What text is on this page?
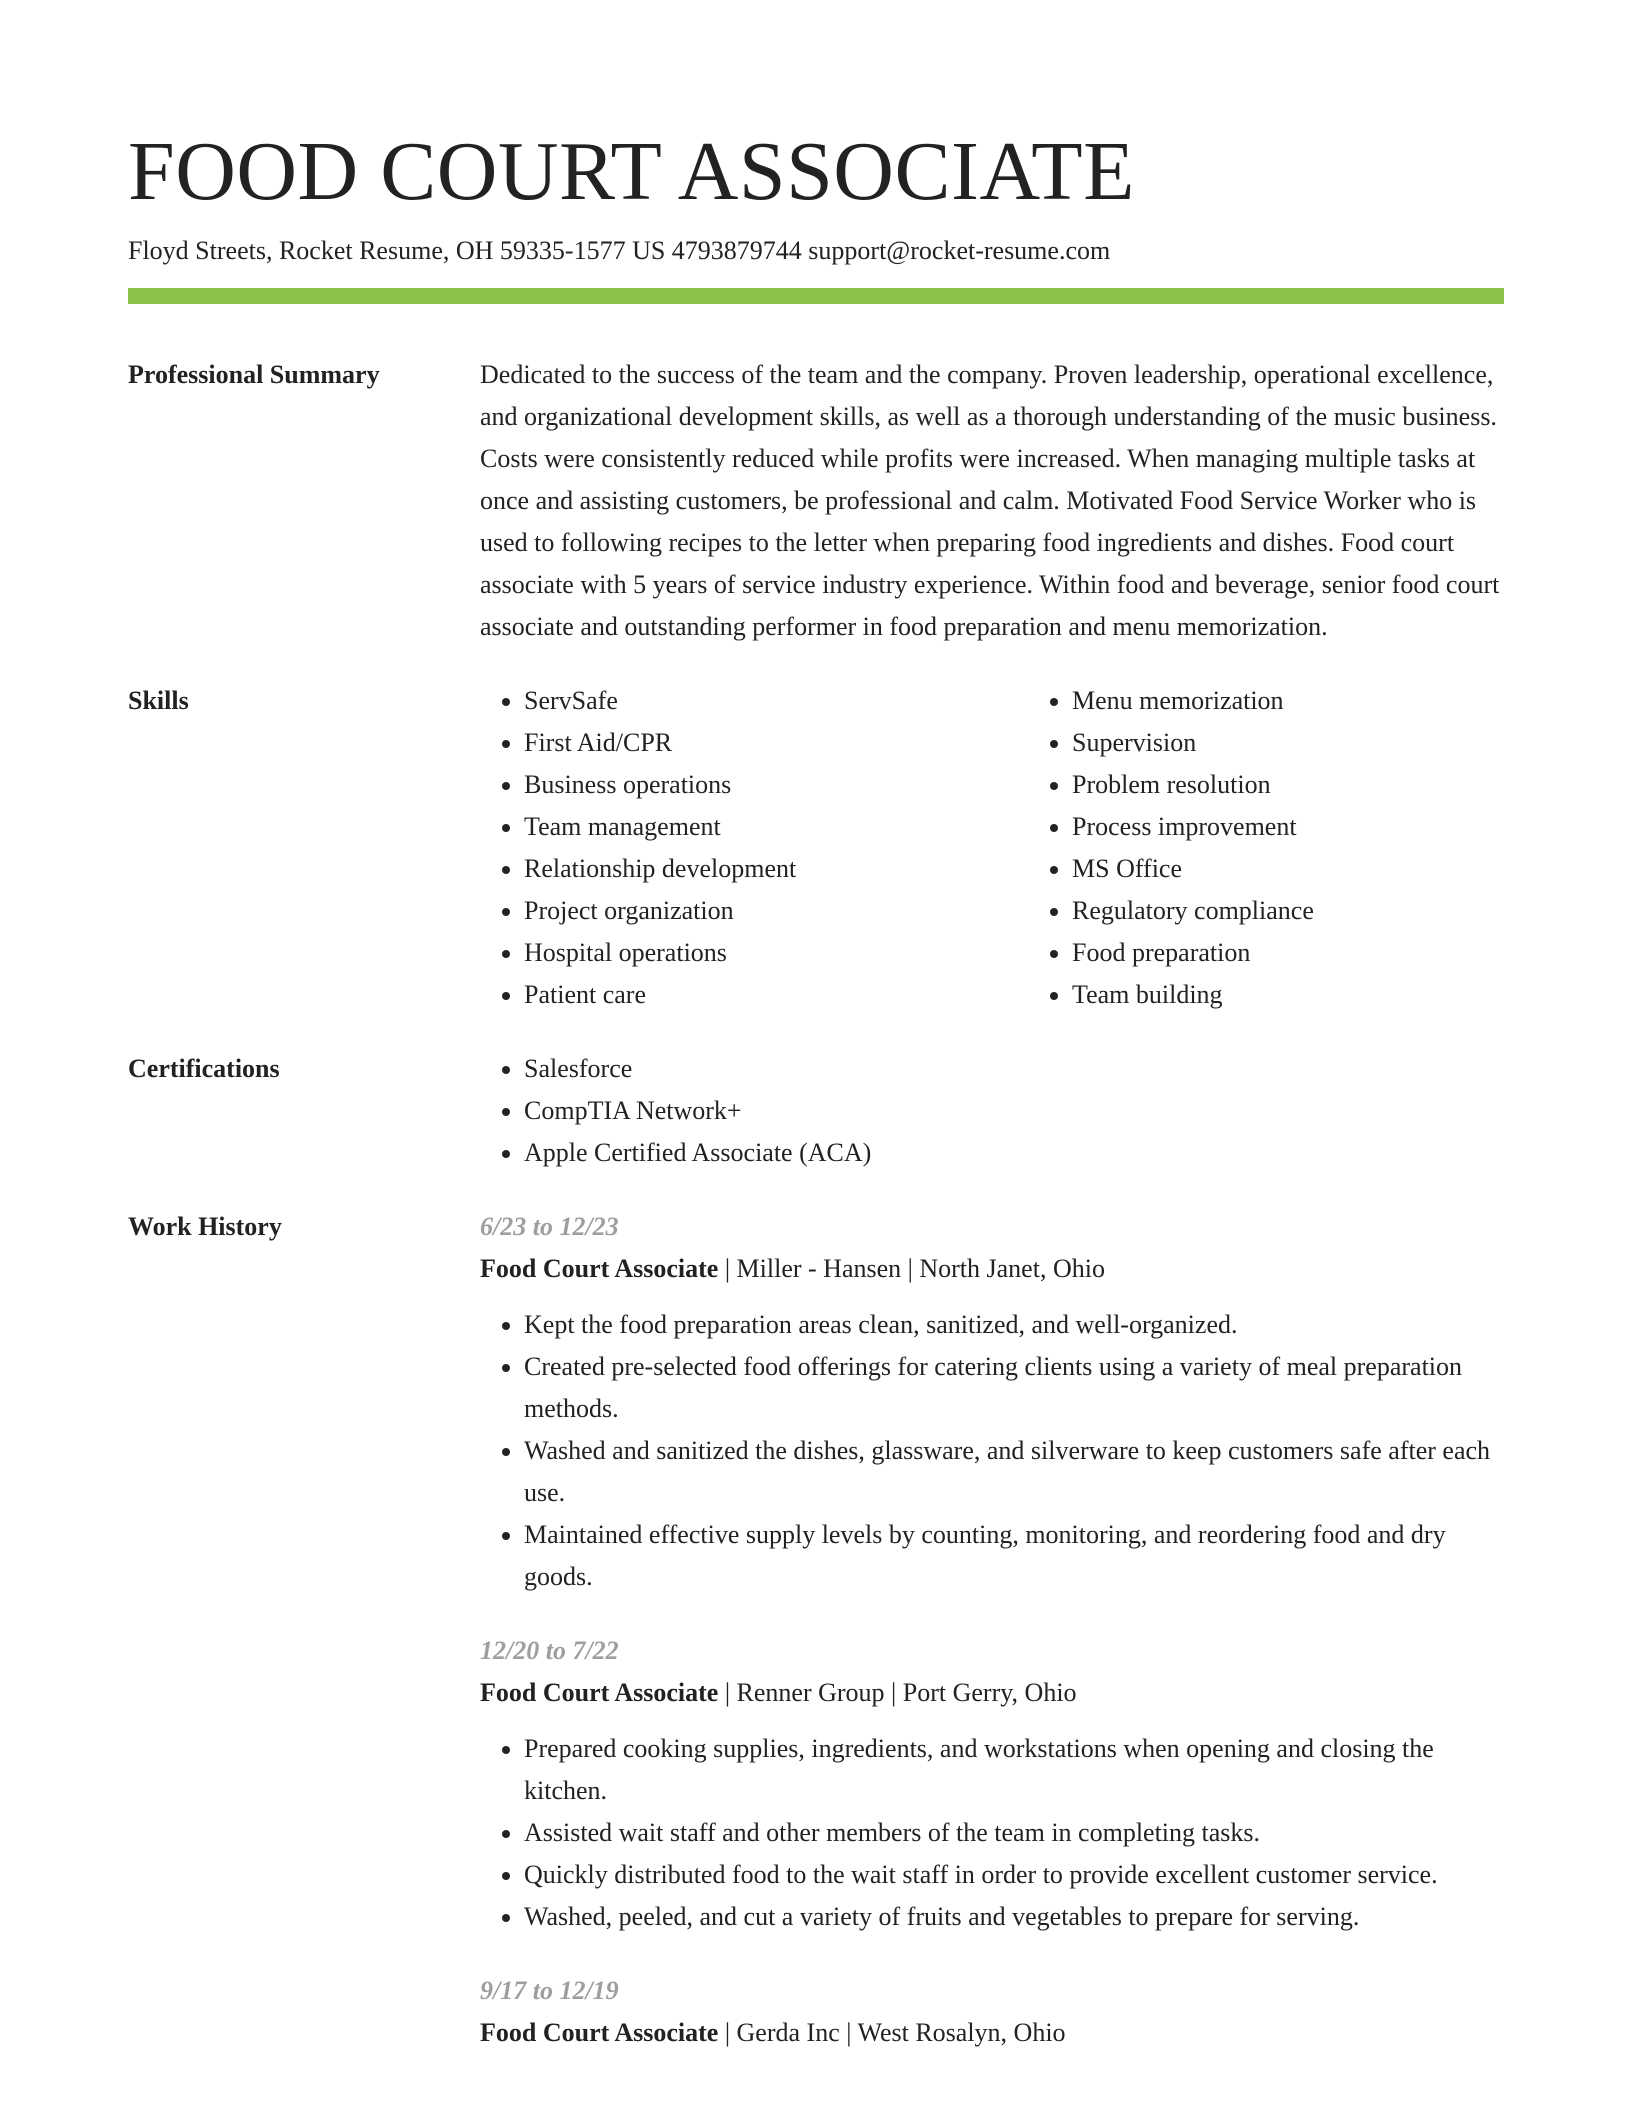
FOOD COURT ASSOCIATE
Floyd Streets, Rocket Resume, OH 59335-1577 US 4793879744 support@rocket-resume.com
Professional Summary	Dedicated to the success of the team and the company. Proven leadership, operational excellence, and organizational development skills, as well as a thorough understanding of the music business. Costs were consistently reduced while profits were increased. When managing multiple tasks at once and assisting customers, be professional and calm. Motivated Food Service Worker who is used to following recipes to the letter when preparing food ingredients and dishes. Food court associate with 5 years of service industry experience. Within food and beverage, senior food court associate and outstanding performer in food preparation and menu memorization.

Skills	• ServSafe
• First Aid/CPR
• Business operations
• Team management
• Relationship development
• Project organization
• Hospital operations
• Patient care
• Menu memorization
• Supervision
• Problem resolution
• Process improvement
• MS Office
• Regulatory compliance
• Food preparation
• Team building
Certifications	• Salesforce
• CompTIA Network+
• Apple Certified Associate (ACA)
Work History	6/23 to 12/23
Food Court Associate | Miller - Hansen | North Janet, Ohio
• Kept the food preparation areas clean, sanitized, and well-organized.
• Created pre-selected food offerings for catering clients using a variety of meal preparation methods.
• Washed and sanitized the dishes, glassware, and silverware to keep customers safe after each use.
• Maintained effective supply levels by counting, monitoring, and reordering food and dry goods.
12/20 to 7/22
Food Court Associate | Renner Group | Port Gerry, Ohio
• Prepared cooking supplies, ingredients, and workstations when opening and closing the kitchen.
• Assisted wait staff and other members of the team in completing tasks.
• Quickly distributed food to the wait staff in order to provide excellent customer service.
• Washed, peeled, and cut a variety of fruits and vegetables to prepare for serving.
9/17 to 12/19
Food Court Associate | Gerda Inc | West Rosalyn, Ohio
